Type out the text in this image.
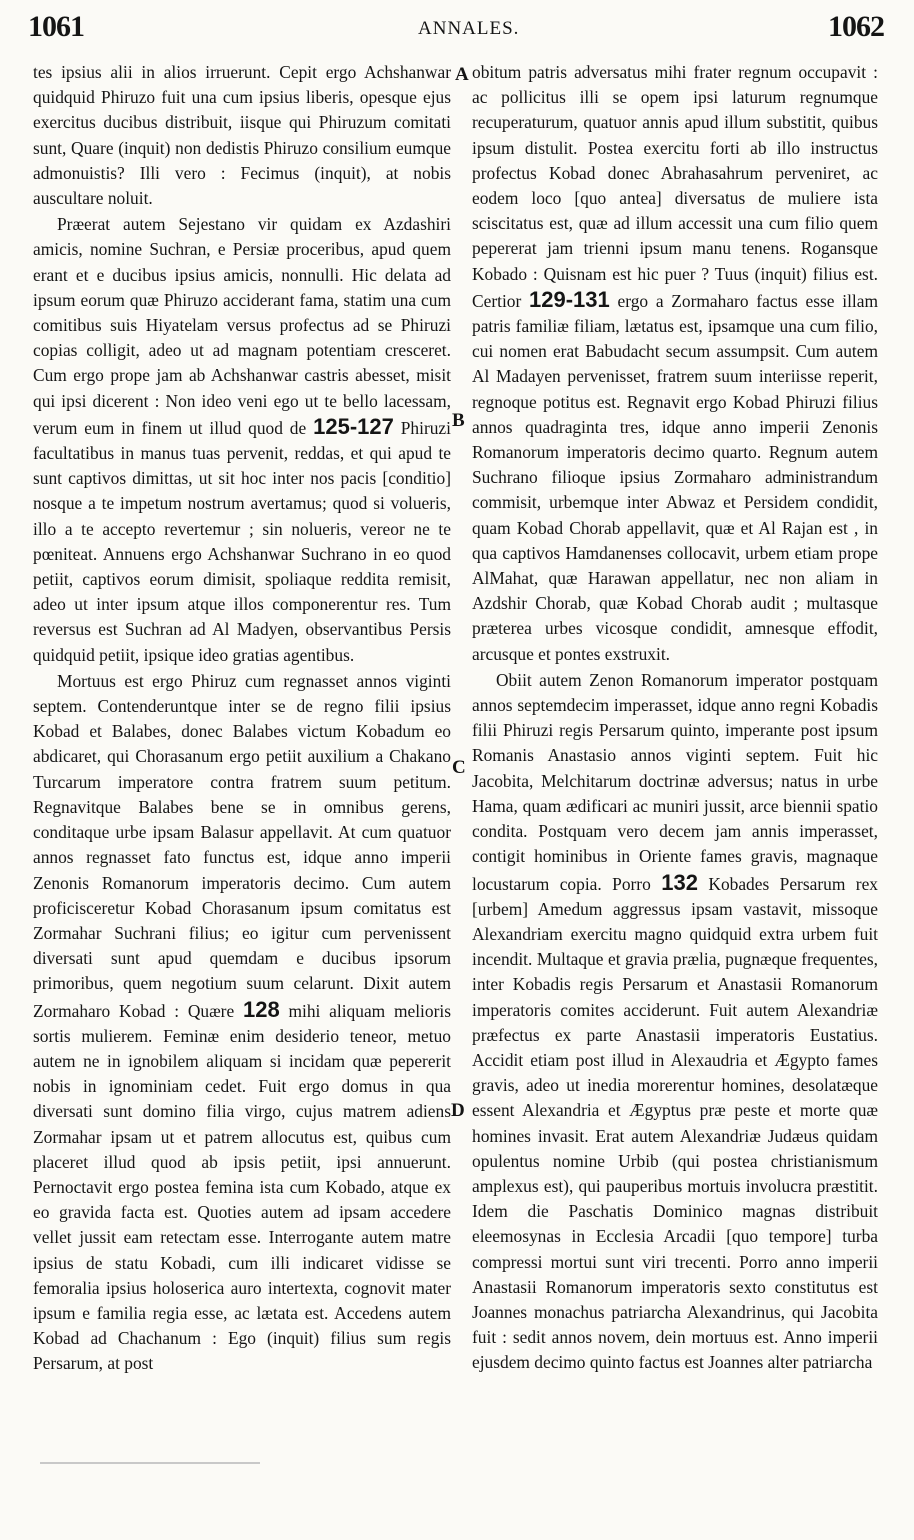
1061	ANNALES.	1062
A
B
C
D

tes ipsius alii in alios irruerunt. Cepit ergo Achshanwar quidquid Phiruzo fuit una cum ipsius liberis, opesque ejus exercitus ducibus distribuit, iisque qui Phiruzum comitati sunt, Quare (inquit) non dedistis Phiruzo consilium eumque admonuistis? Illi vero : Fecimus (inquit), at nobis auscultare noluit.

Præerat autem Sejestano vir quidam ex Azdashiri amicis, nomine Suchran, e Persiæ proceribus, apud quem erant et e ducibus ipsius amicis, nonnulli. Hic delata ad ipsum eorum quæ Phiruzo acciderant fama, statim una cum comitibus suis Hiyatelam versus profectus ad se Phiruzi copias colligit, adeo ut ad magnam potentiam cresceret. Cum ergo prope jam ab Achshanwar castris abesset, misit qui ipsi dicerent : Non ideo veni ego ut te bello lacessam, verum eum in finem ut illud quod de 125-127 Phiruzi facultatibus in manus tuas pervenit, reddas, et qui apud te sunt captivos dimittas, ut sit hoc inter nos pacis [conditio] nosque a te impetum nostrum avertamus; quod si volueris, illo a te accepto revertemur ; sin nolueris, vereor ne te pœniteat. Annuens ergo Achshanwar Suchrano in eo quod petiit, captivos eorum dimisit, spoliaque reddita remisit, adeo ut inter ipsum atque illos componerentur res. Tum reversus est Suchran ad Al Madyen, observantibus Persis quidquid petiit, ipsique ideo gratias agentibus.

Mortuus est ergo Phiruz cum regnasset annos viginti septem. Contenderuntque inter se de regno filii ipsius Kobad et Balabes, donec Balabes victum Kobadum eo abdicaret, qui Chorasanum ergo petiit auxilium a Chakano Turcarum imperatore contra fratrem suum petitum. Regnavitque Balabes bene se in omnibus gerens, conditaque urbe ipsam Balasur appellavit. At cum quatuor annos regnasset fato functus est, idque anno imperii Zenonis Romanorum imperatoris decimo. Cum autem proficisceretur Kobad Chorasanum ipsum comitatus est Zormahar Suchrani filius; eo igitur cum pervenissent diversati sunt apud quemdam e ducibus ipsorum primoribus, quem negotium suum celarunt. Dixit autem Zormaharo Kobad : Quære 128 mihi aliquam melioris sortis mulierem. Feminæ enim desiderio teneor, metuo autem ne in ignobilem aliquam si incidam quæ pepererit nobis in ignominiam cedet. Fuit ergo domus in qua diversati sunt domino filia virgo, cujus matrem adiens Zormahar ipsam ut et patrem allocutus est, quibus cum placeret illud quod ab ipsis petiit, ipsi annuerunt. Pernoctavit ergo postea femina ista cum Kobado, atque ex eo gravida facta est. Quoties autem ad ipsam accedere vellet jussit eam retectam esse. Interrogante autem matre ipsius de statu Kobadi, cum illi indicaret vidisse se femoralia ipsius holoserica auro intertexta, cognovit mater ipsum e familia regia esse, ac lætata est. Accedens autem Kobad ad Chachanum : Ego (inquit) filius sum regis Persarum, at post

obitum patris adversatus mihi frater regnum occupavit : ac pollicitus illi se opem ipsi laturum regnumque recuperaturum, quatuor annis apud illum substitit, quibus ipsum distulit. Postea exercitu forti ab illo instructus profectus Kobad donec Abrahasahrum perveniret, ac eodem loco [quo antea] diversatus de muliere ista sciscitatus est, quæ ad illum accessit una cum filio quem pepererat jam trienni ipsum manu tenens. Rogansque Kobado : Quisnam est hic puer ? Tuus (inquit) filius est. Certior 129-131 ergo a Zormaharo factus esse illam patris familiæ filiam, lætatus est, ipsamque una cum filio, cui nomen erat Babudacht secum assumpsit. Cum autem Al Madayen pervenisset, fratrem suum interiisse reperit, regnoque potitus est. Regnavit ergo Kobad Phiruzi filius annos quadraginta tres, idque anno imperii Zenonis Romanorum imperatoris decimo quarto. Regnum autem Suchrano filioque ipsius Zormaharo administrandum commisit, urbemque inter Abwaz et Persidem condidit, quam Kobad Chorab appellavit, quæ et Al Rajan est , in qua captivos Hamdanenses collocavit, urbem etiam prope AlMahat, quæ Harawan appellatur, nec non aliam in Azdshir Chorab, quæ Kobad Chorab audit ; multasque præterea urbes vicosque condidit, amnesque effodit, arcusque et pontes exstruxit.

Obiit autem Zenon Romanorum imperator postquam annos septemdecim imperasset, idque anno regni Kobadis filii Phiruzi regis Persarum quinto, imperante post ipsum Romanis Anastasio annos viginti septem. Fuit hic Jacobita, Melchitarum doctrinæ adversus; natus in urbe Hama, quam ædificari ac muniri jussit, arce biennii spatio condita. Postquam vero decem jam annis imperasset, contigit hominibus in Oriente fames gravis, magnaque locustarum copia. Porro 132 Kobades Persarum rex [urbem] Amedum aggressus ipsam vastavit, missoque Alexandriam exercitu magno quidquid extra urbem fuit incendit. Multaque et gravia prælia, pugnæque frequentes, inter Kobadis regis Persarum et Anastasii Romanorum imperatoris comites acciderunt. Fuit autem Alexandriæ præfectus ex parte Anastasii imperatoris Eustatius. Accidit etiam post illud in Alexaudria et Ægypto fames gravis, adeo ut inedia morerentur homines, desolatæque essent Alexandria et Ægyptus præ peste et morte quæ homines invasit. Erat autem Alexandriæ Judæus quidam opulentus nomine Urbib (qui postea christianismum amplexus est), qui pauperibus mortuis involucra præstitit. Idem die Paschatis Dominico magnas distribuit eleemosynas in Ecclesia Arcadii [quo tempore] turba compressi mortui sunt viri trecenti. Porro anno imperii Anastasii Romanorum imperatoris sexto constitutus est Joannes monachus patriarcha Alexandrinus, qui Jacobita fuit : sedit annos novem, dein mortuus est. Anno imperii ejusdem decimo quinto factus est Joannes alter patriarcha
